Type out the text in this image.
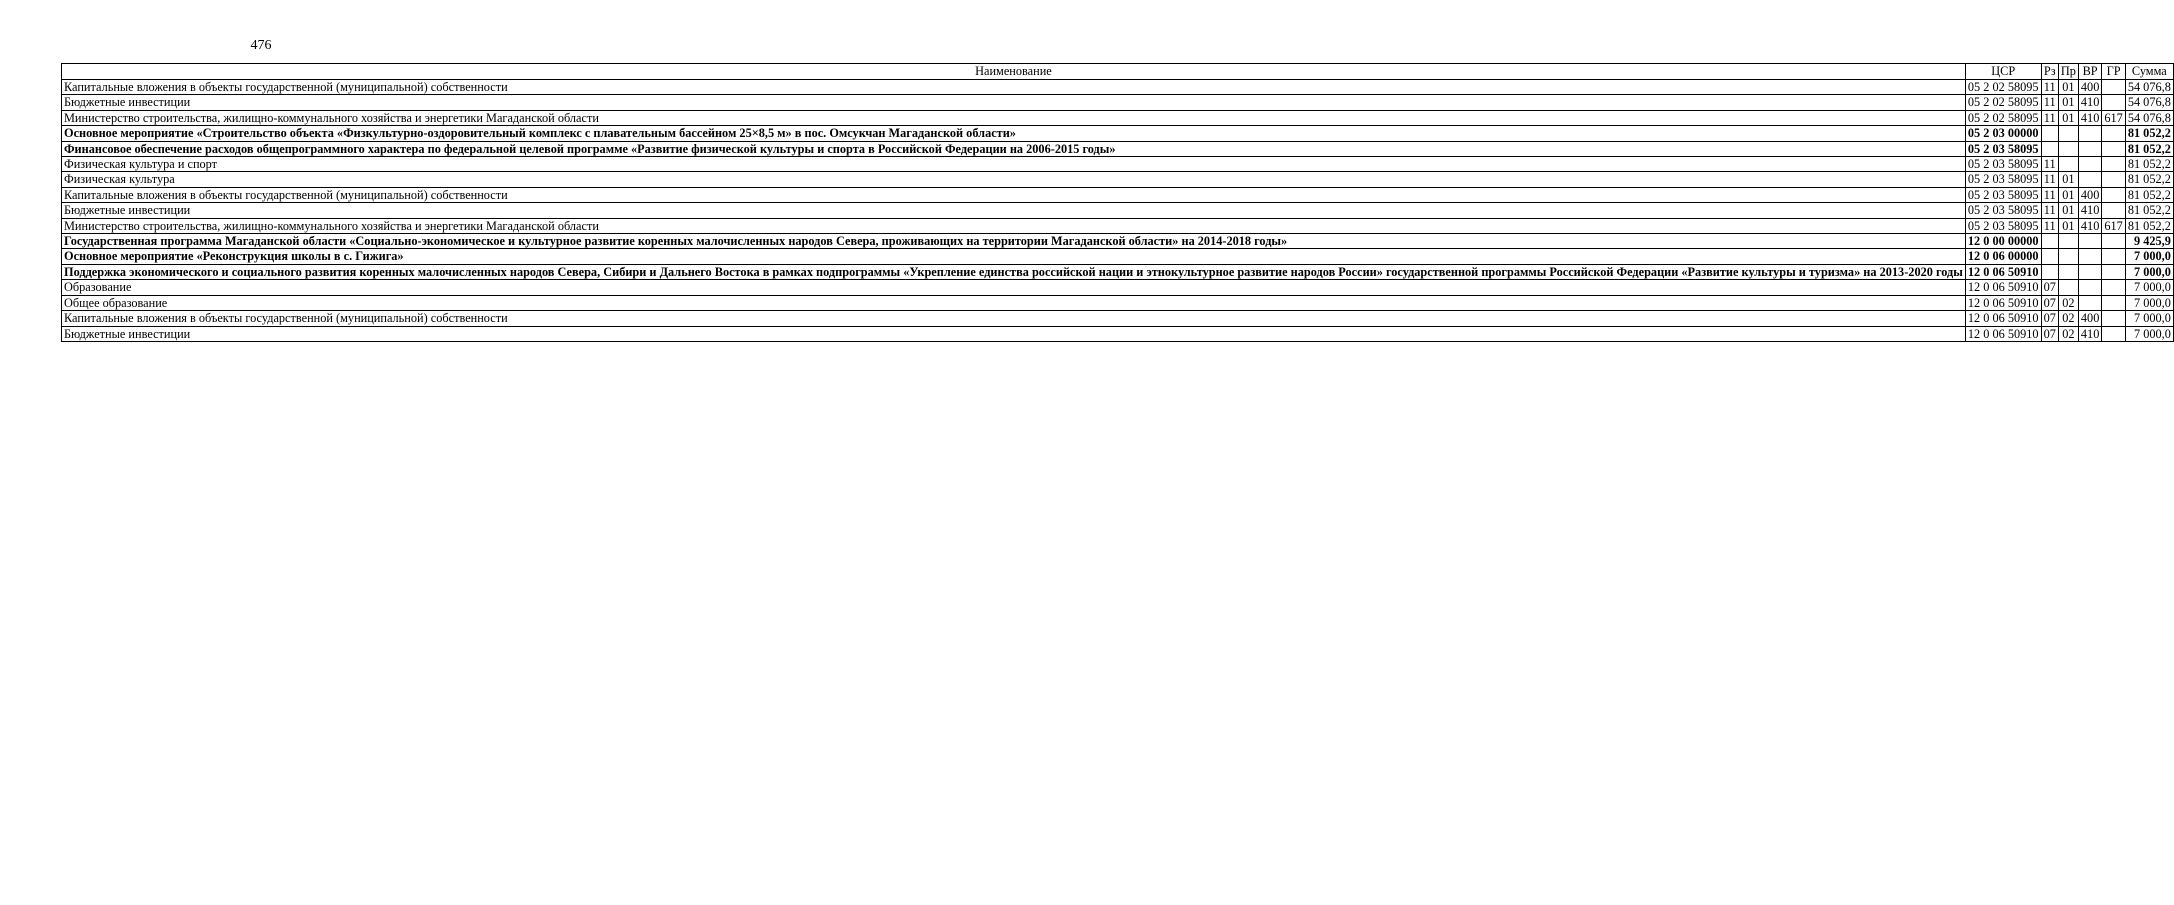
476
Наименование	ЦСР	Рз	Пр	ВР	ГР	Сумма
Капитальные вложения в объекты государственной (муниципальной) собственности	05 2 02 58095	11	01	400		54 076,8
Бюджетные инвестиции	05 2 02 58095	11	01	410		54 076,8
Министерство строительства, жилищно-коммунального хозяйства и энергетики Магаданской области	05 2 02 58095	11	01	410	617	54 076,8
Основное мероприятие «Строительство объекта «Физкультурно-оздоровительный комплекс с плавательным бассейном 25×8,5 м» в пос. Омсукчан Магаданской области»	05 2 03 00000					81 052,2
Финансовое обеспечение расходов общепрограммного характера по федеральной целевой программе «Развитие физической культуры и спорта в Российской Федерации на 2006-2015 годы»	05 2 03 58095					81 052,2
Физическая культура и спорт	05 2 03 58095	11				81 052,2
Физическая культура	05 2 03 58095	11	01			81 052,2
Капитальные вложения в объекты государственной (муниципальной) собственности	05 2 03 58095	11	01	400		81 052,2
Бюджетные инвестиции	05 2 03 58095	11	01	410		81 052,2
Министерство строительства, жилищно-коммунального хозяйства и энергетики Магаданской области	05 2 03 58095	11	01	410	617	81 052,2
Государственная программа Магаданской области «Социально-экономическое и культурное развитие коренных малочисленных народов Севера, проживающих на территории Магаданской области» на 2014-2018 годы»	12 0 00 00000					9 425,9
Основное мероприятие «Реконструкция школы в с. Гижига»	12 0 06 00000					7 000,0
Поддержка экономического и социального развития коренных малочисленных народов Севера, Сибири и Дальнего Востока в рамках подпрограммы «Укрепление единства российской нации и этнокультурное развитие народов России» государственной программы Российской Федерации «Развитие культуры и туризма» на 2013-2020 годы	12 0 06 50910					7 000,0
Образование	12 0 06 50910	07				7 000,0
Общее образование	12 0 06 50910	07	02			7 000,0
Капитальные вложения в объекты государственной (муниципальной) собственности	12 0 06 50910	07	02	400		7 000,0
Бюджетные инвестиции	12 0 06 50910	07	02	410		7 000,0
